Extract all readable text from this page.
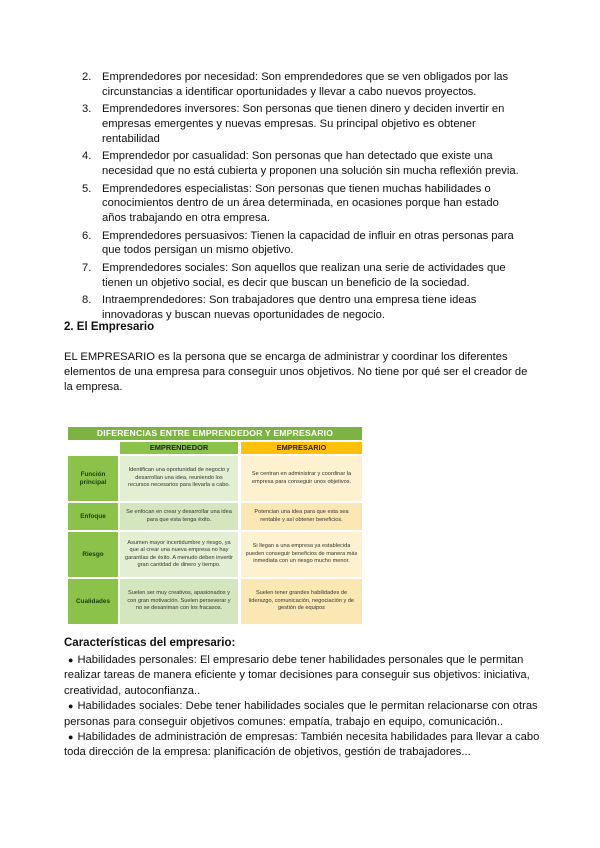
2. Emprendedores por necesidad: Son emprendedores que se ven obligados por las circunstancias a identificar oportunidades y llevar a cabo nuevos proyectos.
3. Emprendedores inversores: Son personas que tienen dinero y deciden invertir en empresas emergentes y nuevas empresas. Su principal objetivo es obtener rentabilidad
4. Emprendedor por casualidad: Son personas que han detectado que existe una necesidad que no está cubierta y proponen una solución sin mucha reflexión previa.
5. Emprendedores especialistas: Son personas que tienen muchas habilidades o conocimientos dentro de un área determinada, en ocasiones porque han estado años trabajando en otra empresa.
6. Emprendedores persuasivos: Tienen la capacidad de influir en otras personas para que todos persigan un mismo objetivo.
7. Emprendedores sociales: Son aquellos que realizan una serie de actividades que tienen un objetivo social, es decir que buscan un beneficio de la sociedad.
8. Intraemprendedores: Son trabajadores que dentro una empresa tiene ideas innovadoras y buscan nuevas oportunidades de negocio.
2. El Empresario

EL EMPRESARIO es la persona que se encarga de administrar y coordinar los diferentes elementos de una empresa para conseguir unos objetivos. No tiene por qué ser el creador de la empresa.

DIFERENCIAS ENTRE EMPRENDEDOR Y EMPRESARIO
EMPRENDEDOR	EMPRESARIO
Función principal
Identifican una oportunidad de negocio y desarrollan una idea, reuniendo los recursos necesarios para llevarla a cabo.
Se centran en administrar y coordinar la empresa para conseguir unos objetivos.
Enfoque
Se enfocan en crear y desarrollar una idea para que esta tenga éxito.
Potencian una idea para que esta sea rentable y así obtener beneficios.
Riesgo
Asumen mayor incertidumbre y riesgo, ya que al crear una nueva empresa no hay garantías de éxito. A menudo deben invertir gran cantidad de dinero y tiempo.
Si llegan a una empresa ya establecida pueden conseguir beneficios de manera más inmediata con un riesgo mucho menor.
Cualidades
Suelen ser muy creativos, apasionados y con gran motivación. Suelen perseverar y no se desaniman con los fracasos.
Suelen tener grandes habilidades de liderazgo, comunicación, negociación y de gestión de equipos
Características del empresario:
● Habilidades personales: El empresario debe tener habilidades personales que le permitan realizar tareas de manera eficiente y tomar decisiones para conseguir sus objetivos: iniciativa, creatividad, autoconfianza..
● Habilidades sociales: Debe tener habilidades sociales que le permitan relacionarse con otras personas para conseguir objetivos comunes: empatía, trabajo en equipo, comunicación..
● Habilidades de administración de empresas: También necesita habilidades para llevar a cabo toda dirección de la empresa: planificación de objetivos, gestión de trabajadores...
